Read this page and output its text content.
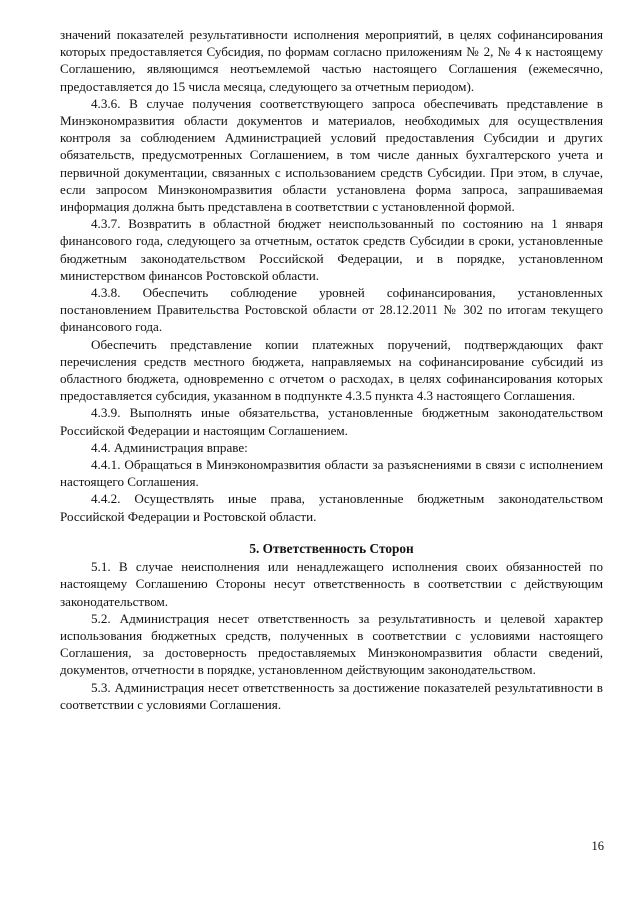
значений показателей результативности исполнения мероприятий, в целях софинансирования которых предоставляется Субсидия, по формам согласно приложениям № 2, № 4 к настоящему Соглашению, являющимся неотъемлемой частью настоящего Соглашения (ежемесячно, предоставляется до 15 числа месяца, следующего за отчетным периодом).

4.3.6. В случае получения соответствующего запроса обеспечивать представление в Минэкономразвития области документов и материалов, необходимых для осуществления контроля за соблюдением Администрацией условий предоставления Субсидии и других обязательств, предусмотренных Соглашением, в том числе данных бухгалтерского учета и первичной документации, связанных с использованием средств Субсидии. При этом, в случае, если запросом Минэкономразвития области установлена форма запроса, запрашиваемая информация должна быть представлена в соответствии с установленной формой.

4.3.7. Возвратить в областной бюджет неиспользованный по состоянию на 1 января финансового года, следующего за отчетным, остаток средств Субсидии в сроки, установленные бюджетным законодательством Российской Федерации, и в порядке, установленном министерством финансов Ростовской области.

4.3.8. Обеспечить соблюдение уровней софинансирования, установленных постановлением Правительства Ростовской области от 28.12.2011 № 302 по итогам текущего финансового года.

Обеспечить представление копии платежных поручений, подтверждающих факт перечисления средств местного бюджета, направляемых на софинансирование субсидий из областного бюджета, одновременно с отчетом о расходах, в целях софинансирования которых предоставляется субсидия, указанном в подпункте 4.3.5 пункта 4.3 настоящего Соглашения.

4.3.9. Выполнять иные обязательства, установленные бюджетным законодательством Российской Федерации и настоящим Соглашением.

4.4. Администрация вправе:

4.4.1. Обращаться в Минэкономразвития области за разъяснениями в связи с исполнением настоящего Соглашения.

4.4.2. Осуществлять иные права, установленные бюджетным законодательством Российской Федерации и Ростовской области.

5. Ответственность Сторон

5.1. В случае неисполнения или ненадлежащего исполнения своих обязанностей по настоящему Соглашению Стороны несут ответственность в соответствии с действующим законодательством.

5.2. Администрация несет ответственность за результативность и целевой характер использования бюджетных средств, полученных в соответствии с условиями настоящего Соглашения, за достоверность предоставляемых Минэкономразвития области сведений, документов, отчетности в порядке, установленном действующим законодательством.

5.3. Администрация несет ответственность за достижение показателей результативности в соответствии с условиями Соглашения.

16
